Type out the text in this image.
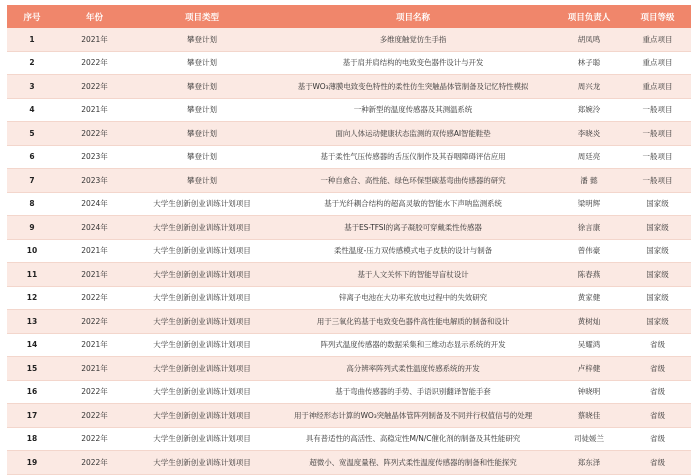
序号	年份	项目类型	项目名称	项目负责人	项目等级
1	2021年	攀登计划	多维度触觉仿生手指	胡凤鸣	重点项目
2	2022年	攀登计划	基于肩并肩结构的电致变色器件设计与开发	林子聪	重点项目
3	2022年	攀登计划	基于WO₃薄膜电致变色特性的柔性仿生突触晶体管制备及记忆特性模拟	周兴龙	重点项目
4	2021年	攀登计划	一种新型的温度传感器及其测温系统	郑婉泠	一般项目
5	2022年	攀登计划	面向人体运动健康状态监测的双传感AI智能鞋垫	李晓炎	一般项目
6	2023年	攀登计划	基于柔性气压传感器的舌压仪制作及其吞咽障碍评估应用	周廷亮	一般项目
7	2023年	攀登计划	一种自愈合、高性能、绿色环保型碳基弯曲传感器的研究	潘 懿	一般项目
8	2024年	大学生创新创业训练计划项目	基于光纤耦合结构的超高灵敏的智能水下声呐监测系统	梁明辉	国家级
9	2024年	大学生创新创业训练计划项目	基于ES-TFSI的离子凝胶可穿戴柔性传感器	徐言康	国家级
10	2021年	大学生创新创业训练计划项目	柔性温度-压力双传感模式电子皮肤的设计与制备	曾伟豪	国家级
11	2021年	大学生创新创业训练计划项目	基于人文关怀下的智能导盲杖设计	陈春燕	国家级
12	2022年	大学生创新创业训练计划项目	锌离子电池在大功率充放电过程中的失效研究	黄家健	国家级
13	2022年	大学生创新创业训练计划项目	用于三氧化钨基于电致变色器件高性能电解质的制备和设计	黄树灿	国家级
14	2021年	大学生创新创业训练计划项目	阵列式温度传感器的数据采集和三维动态显示系统的开发	吴耀鸿	省级
15	2021年	大学生创新创业训练计划项目	高分辨率阵列式柔性温度传感系统的开发	卢梓健	省级
16	2022年	大学生创新创业训练计划项目	基于弯曲传感器的手势、手语识别翻译智能手套	钟晓明	省级
17	2022年	大学生创新创业训练计划项目	用于神经形态计算的WO₃突触晶体管阵列制备及不同并行权值信号的处理	蔡晓佳	省级
18	2022年	大学生创新创业训练计划项目	具有普适性的高活性、高稳定性M/N/C催化剂的制备及其性能研究	司徒媛兰	省级
19	2022年	大学生创新创业训练计划项目	超微小、宽温度量程、阵列式柔性温度传感器的制备和性能探究	郑东泽	省级
